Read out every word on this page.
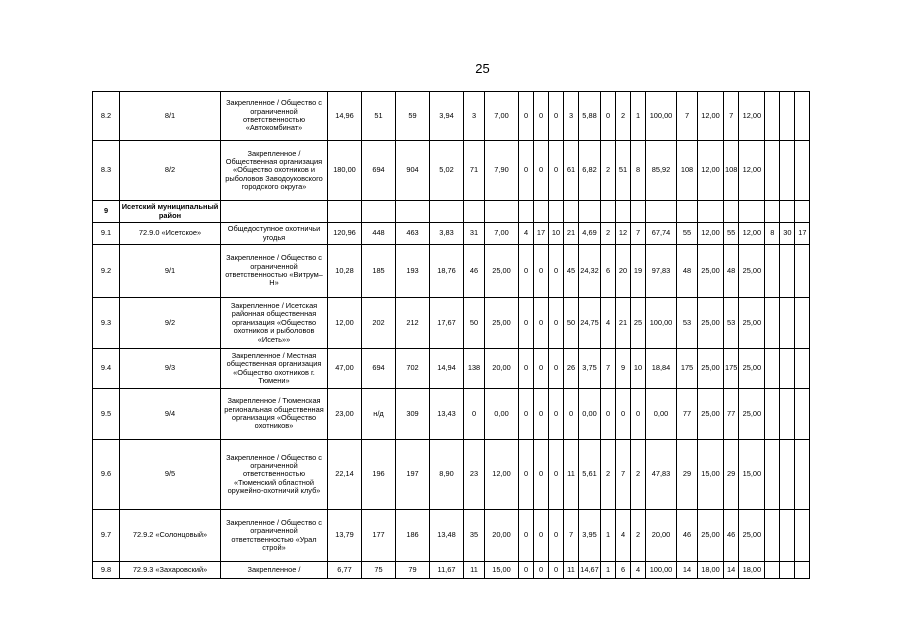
25
8.2	8/1	Закрепленное / Общество с ограниченной ответственностью «Автокомбинат»	14,96	51	59	3,94	3	7,00	0	0	0	3	5,88	0	2	1	100,00	7	12,00	7	12,00			
8.3	8/2	Закрепленное / Общественная организация «Общество охотников и рыболовов Заводоуковского городского округа»	180,00	694	904	5,02	71	7,90	0	0	0	61	6,82	2	51	8	85,92	108	12,00	108	12,00			
9	Исетский муниципальный район																							
9.1	72.9.0 «Исетское»	Общедоступное охотничьи угодья	120,96	448	463	3,83	31	7,00	4	17	10	21	4,69	2	12	7	67,74	55	12,00	55	12,00	8	30	17
9.2	9/1	Закрепленное / Общество с ограниченной ответственностью «Витрум–Н»	10,28	185	193	18,76	46	25,00	0	0	0	45	24,32	6	20	19	97,83	48	25,00	48	25,00			
9.3	9/2	Закрепленное / Исетская районная общественная организация «Общество охотников и рыболовов «Исеть»»	12,00	202	212	17,67	50	25,00	0	0	0	50	24,75	4	21	25	100,00	53	25,00	53	25,00			
9.4	9/3	Закрепленное / Местная общественная организация «Общество охотников г. Тюмени»	47,00	694	702	14,94	138	20,00	0	0	0	26	3,75	7	9	10	18,84	175	25,00	175	25,00			
9.5	9/4	Закрепленное / Тюменская региональная общественная организация «Общество охотников»	23,00	н/д	309	13,43	0	0,00	0	0	0	0	0,00	0	0	0	0,00	77	25,00	77	25,00			
9.6	9/5	Закрепленное / Общество с ограниченной ответственностью «Тюменский областной оружейно-охотничий клуб»	22,14	196	197	8,90	23	12,00	0	0	0	11	5,61	2	7	2	47,83	29	15,00	29	15,00			
9.7	72.9.2 «Солонцовый»	Закрепленное / Общество с ограниченной ответственностью «Урал строй»	13,79	177	186	13,48	35	20,00	0	0	0	7	3,95	1	4	2	20,00	46	25,00	46	25,00			
9.8	72.9.3 «Захаровский»	Закрепленное /	6,77	75	79	11,67	11	15,00	0	0	0	11	14,67	1	6	4	100,00	14	18,00	14	18,00			
